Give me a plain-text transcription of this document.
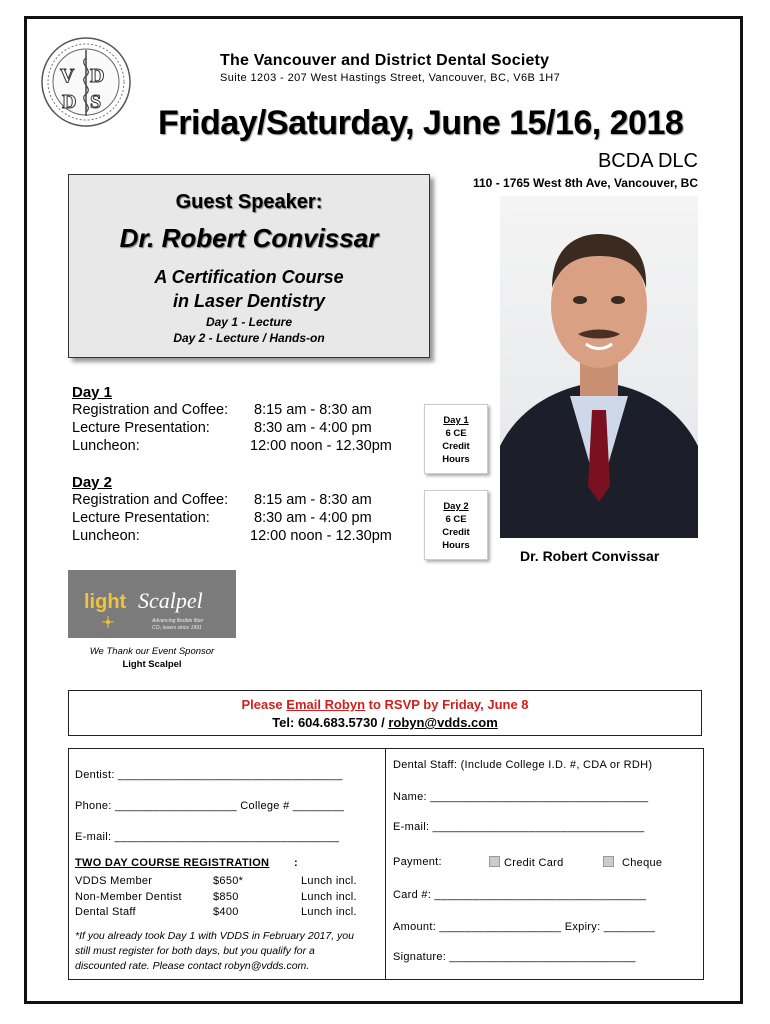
V D
D S
The Vancouver and District Dental Society
Suite 1203 - 207 West Hastings Street, Vancouver, BC, V6B 1H7
Friday/Saturday, June 15/16, 2018
BCDA DLC
110 - 1765 West 8th Ave, Vancouver, BC
Guest Speaker:
Dr. Robert Convissar
A Certification Course
in Laser Dentistry
Day 1 - Lecture
Day 2 - Lecture / Hands-on
Dr. Robert Convissar
Day 1
Registration and Coffee: 8:15 am - 8:30 am
Lecture Presentation:	8:30 am - 4:00 pm
Luncheon:	12:00 noon - 12.30pm
Day 1
6 CE
Credit
Hours
Day 2
Registration and Coffee: 8:15 am - 8:30 am
Lecture Presentation:	8:30 am - 4:00 pm
Luncheon:	12:00 noon - 12.30pm
Day 2
6 CE
Credit
Hours
light Scalpel
Advancing flexible fiber
CO₂ lasers since 1991
We Thank our Event Sponsor
Light Scalpel
Please Email Robyn to RSVP by Friday, June 8
Tel: 604.683.5730 / robyn@vdds.com
Dentist: ___________________________________
Phone: ___________________ College # ________
E-mail: ___________________________________
TWO DAY COURSE REGISTRATION :
VDDS Member	$650*	Lunch incl.
Non-Member Dentist	$850	Lunch incl.
Dental Staff	$400	Lunch incl.
*If you already took Day 1 with VDDS in February 2017, you
still must register for both days, but you qualify for a
discounted rate. Please contact robyn@vdds.com.
Dental Staff: (Include College I.D. #, CDA or RDH)
Name: __________________________________
E-mail: _________________________________
Payment:	Credit Card	Cheque
Card #: _________________________________
Amount: ___________________ Expiry: ________
Signature: _____________________________
